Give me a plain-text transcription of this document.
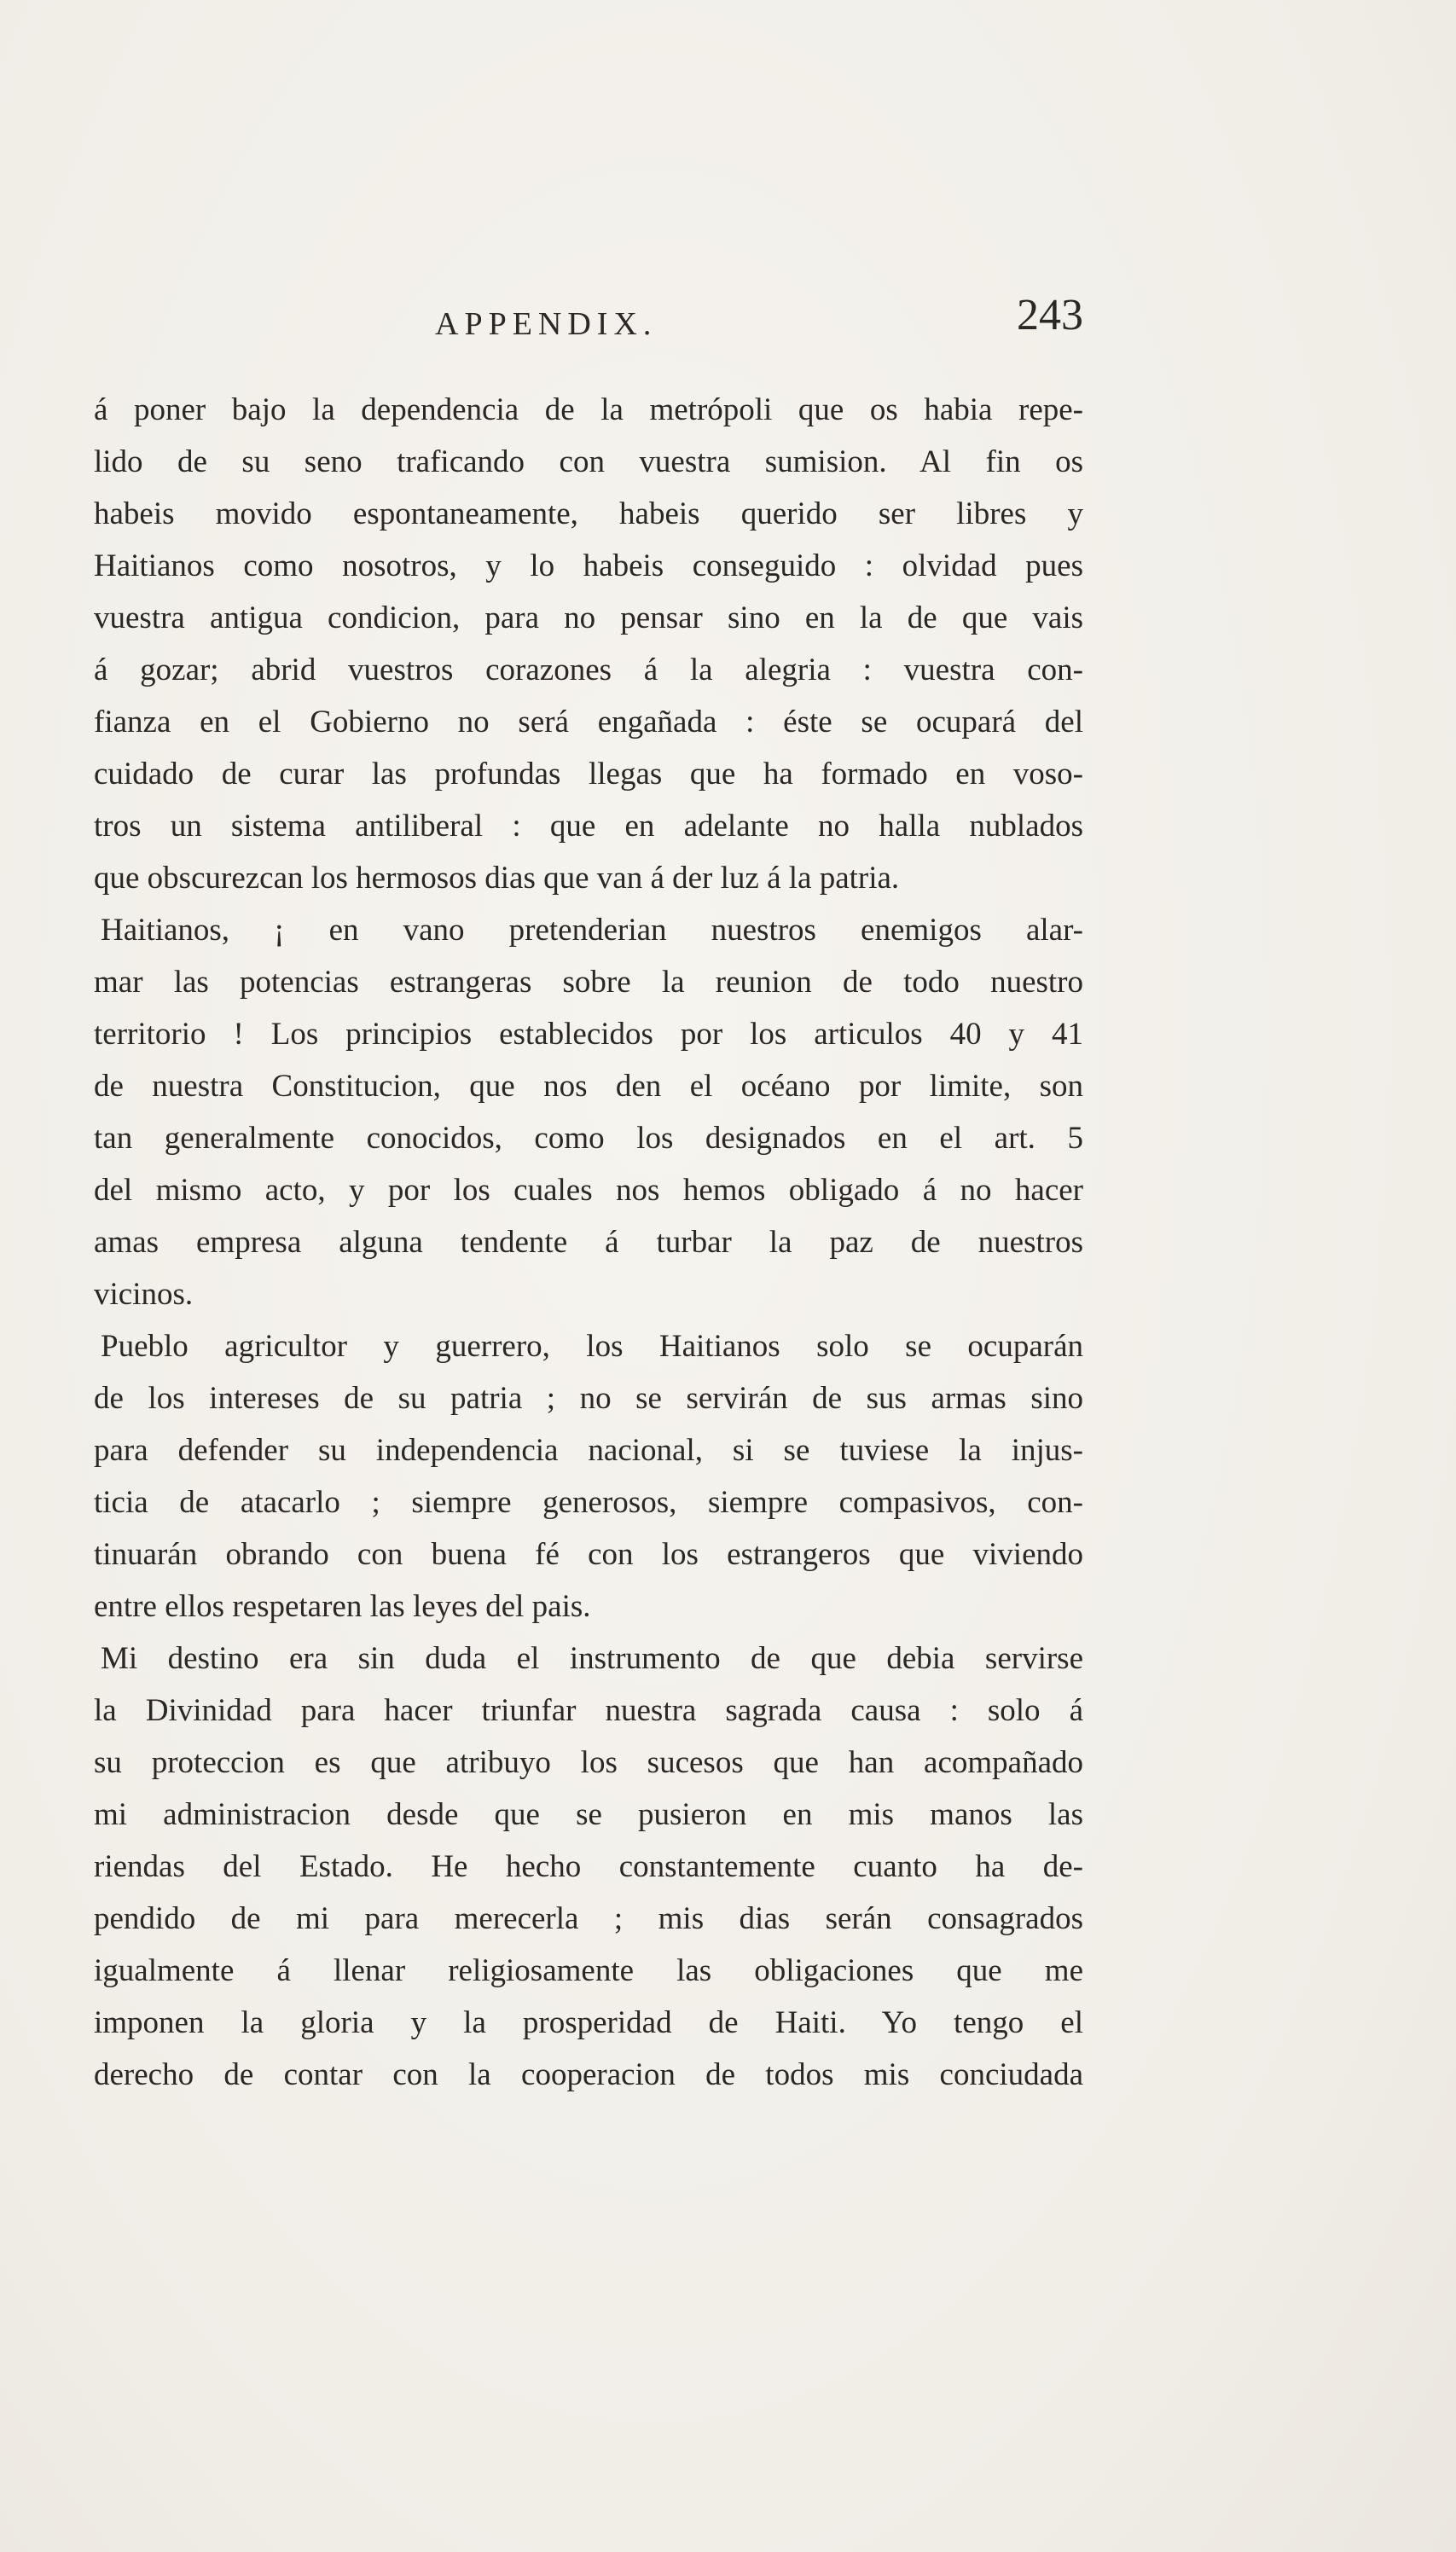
APPENDIX.	243
á poner bajo la dependencia de la metrópoli que os habia repe-
lido de su seno traficando con vuestra sumision. Al fin os
habeis movido espontaneamente, habeis querido ser libres y
Haitianos como nosotros, y lo habeis conseguido : olvidad pues
vuestra antigua condicion, para no pensar sino en la de que vais
á gozar; abrid vuestros corazones á la alegria : vuestra con-
fianza en el Gobierno no será engañada : éste se ocupará del
cuidado de curar las profundas llegas que ha formado en voso-
tros un sistema antiliberal : que en adelante no halla nublados
que obscurezcan los hermosos dias que van á der luz á la patria.
Haitianos, ¡ en vano pretenderian nuestros enemigos alar-
mar las potencias estrangeras sobre la reunion de todo nuestro
territorio ! Los principios establecidos por los articulos 40 y 41
de nuestra Constitucion, que nos den el océano por limite, son
tan generalmente conocidos, como los designados en el art. 5
del mismo acto, y por los cuales nos hemos obligado á no hacer
amas empresa alguna tendente á turbar la paz de nuestros
vicinos.
Pueblo agricultor y guerrero, los Haitianos solo se ocuparán
de los intereses de su patria ; no se servirán de sus armas sino
para defender su independencia nacional, si se tuviese la injus-
ticia de atacarlo ; siempre generosos, siempre compasivos, con-
tinuarán obrando con buena fé con los estrangeros que viviendo
entre ellos respetaren las leyes del pais.
Mi destino era sin duda el instrumento de que debia servirse
la Divinidad para hacer triunfar nuestra sagrada causa : solo á
su proteccion es que atribuyo los sucesos que han acompañado
mi administracion desde que se pusieron en mis manos las
riendas del Estado. He hecho constantemente cuanto ha de-
pendido de mi para merecerla ; mis dias serán consagrados
igualmente á llenar religiosamente las obligaciones que me
imponen la gloria y la prosperidad de Haiti. Yo tengo el
derecho de contar con la cooperacion de todos mis conciudada
